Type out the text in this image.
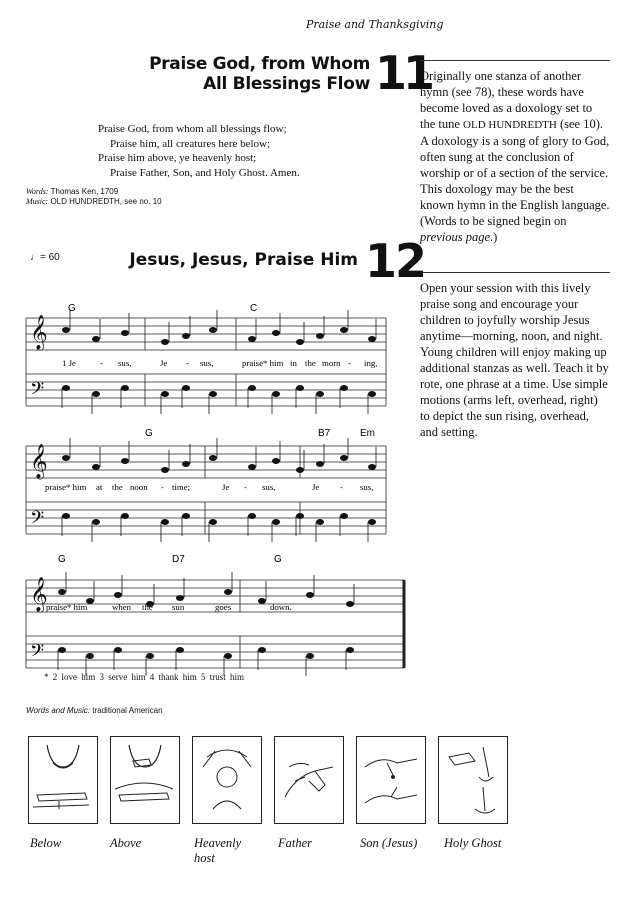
Praise and Thanksgiving
Praise God, from Whom
All Blessings Flow 11
Praise God, from whom all blessings flow;
Praise him, all creatures here below;
Praise him above, ye heavenly host;
Praise Father, Son, and Holy Ghost. Amen.
Words: Thomas Ken, 1709
Music: OLD HUNDREDTH, see no. 10
Originally one stanza of another hymn (see 78), these words have become loved as a doxology set to the tune OLD HUNDREDTH (see 10). A doxology is a song of glory to God, often sung at the conclusion of worship or of a section of the service. This doxology may be the best known hymn in the English language. (Words to be signed begin on previous page.)
Open your session with this lively praise song and encourage your children to joyfully worship Jesus anytime—morning, noon, and night. Young children will enjoy making up additional stanzas as well. Teach it by rote, one phrase at a time. Use simple motions (arms left, overhead, right) to depict the sun rising, overhead, and setting.
♩= 60	Jesus, Jesus, Praise Him 12
𝄞
𝄢
𝄞
𝄢
𝄞
𝄢
G	C
G	B7	Em
G	D7	G
1 Je	- sus,	Je - sus,	praise* him in the morn - ing,
praise* him at the noon - time;	Je - sus,	Je - sus,
praise* him	when the sun	goes	down.
* 2 love him 3 serve him 4 thank him 5 trust him
Words and Music: traditional American
Below	Above	Heavenly host
Father	Son (Jesus) Holy Ghost
